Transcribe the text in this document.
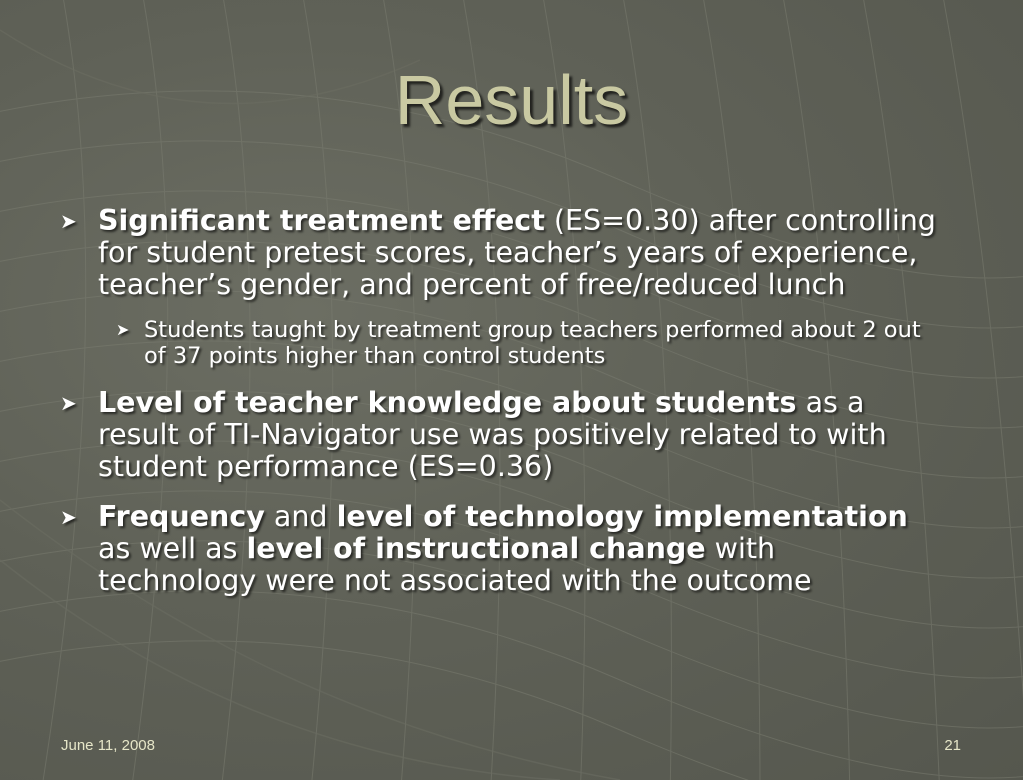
Results
➤ Significant treatment effect (ES=0.30) after controlling for student pretest scores, teacher’s years of experience, teacher’s gender, and percent of free/reduced lunch
➤ Students taught by treatment group teachers performed about 2 out of 37 points higher than control students
➤ Level of teacher knowledge about students as a result of TI-Navigator use was positively related to with student performance (ES=0.36)
➤ Frequency and level of technology implementation as well as level of instructional change with technology were not associated with the outcome
June 11, 2008	21
